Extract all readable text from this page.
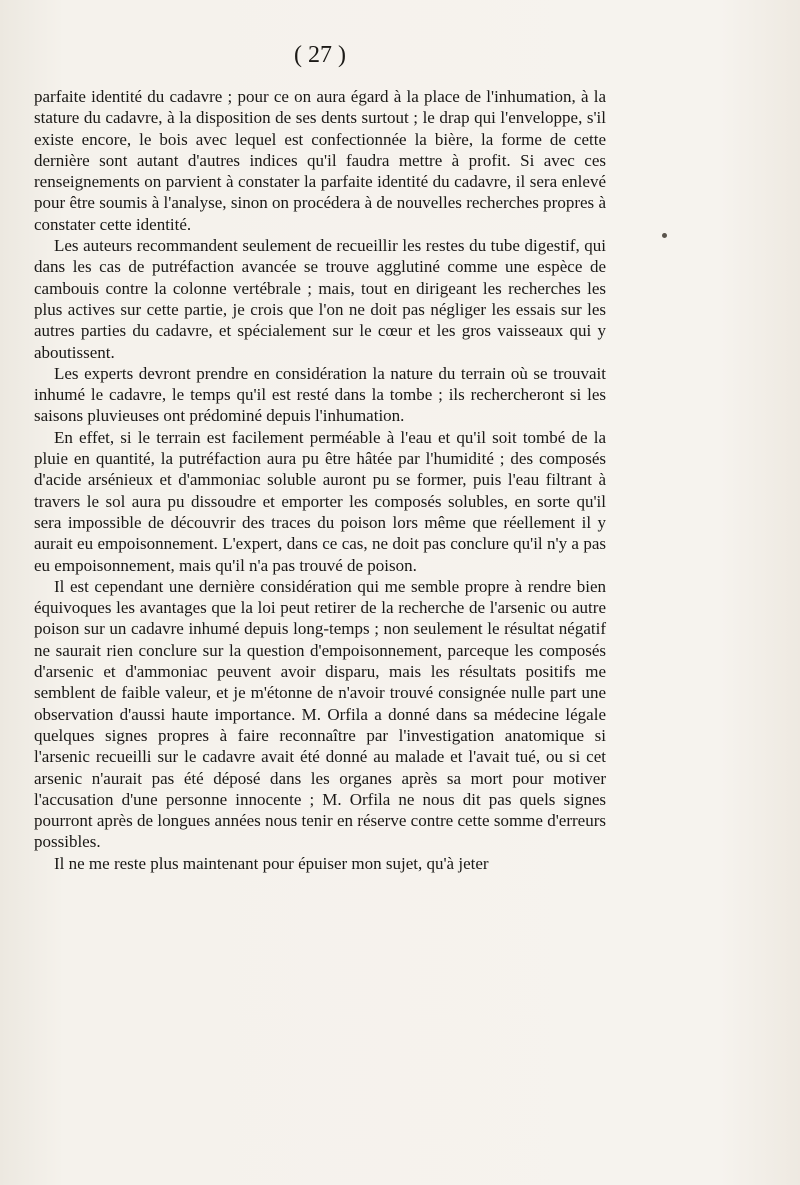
( 27 )

parfaite identité du cadavre ; pour ce on aura égard à la place de l'inhumation, à la stature du cadavre, à la disposition de ses dents surtout ; le drap qui l'enveloppe, s'il existe encore, le bois avec lequel est confectionnée la bière, la forme de cette dernière sont autant d'autres indices qu'il faudra mettre à profit. Si avec ces renseignements on parvient à constater la parfaite identité du cadavre, il sera enlevé pour être soumis à l'analyse, sinon on procédera à de nouvelles recherches propres à constater cette identité.

Les auteurs recommandent seulement de recueillir les restes du tube digestif, qui dans les cas de putréfaction avancée se trouve agglutiné comme une espèce de cambouis contre la colonne vertébrale ; mais, tout en dirigeant les recherches les plus actives sur cette partie, je crois que l'on ne doit pas négliger les essais sur les autres parties du cadavre, et spécialement sur le cœur et les gros vaisseaux qui y aboutissent.

Les experts devront prendre en considération la nature du terrain où se trouvait inhumé le cadavre, le temps qu'il est resté dans la tombe ; ils rechercheront si les saisons pluvieuses ont prédominé depuis l'inhumation.

En effet, si le terrain est facilement perméable à l'eau et qu'il soit tombé de la pluie en quantité, la putréfaction aura pu être hâtée par l'humidité ; des composés d'acide arsénieux et d'ammoniac soluble auront pu se former, puis l'eau filtrant à travers le sol aura pu dissoudre et emporter les composés solubles, en sorte qu'il sera impossible de découvrir des traces du poison lors même que réellement il y aurait eu empoisonnement. L'expert, dans ce cas, ne doit pas conclure qu'il n'y a pas eu empoisonnement, mais qu'il n'a pas trouvé de poison.

Il est cependant une dernière considération qui me semble propre à rendre bien équivoques les avantages que la loi peut retirer de la recherche de l'arsenic ou autre poison sur un cadavre inhumé depuis long-temps ; non seulement le résultat négatif ne saurait rien conclure sur la question d'empoisonnement, parceque les composés d'arsenic et d'ammoniac peuvent avoir disparu, mais les résultats positifs me semblent de faible valeur, et je m'étonne de n'avoir trouvé consignée nulle part une observation d'aussi haute importance. M. Orfila a donné dans sa médecine légale quelques signes propres à faire reconnaître par l'investigation anatomique si l'arsenic recueilli sur le cadavre avait été donné au malade et l'avait tué, ou si cet arsenic n'aurait pas été déposé dans les organes après sa mort pour motiver l'accusation d'une personne innocente ; M. Orfila ne nous dit pas quels signes pourront après de longues années nous tenir en réserve contre cette somme d'erreurs possibles.

Il ne me reste plus maintenant pour épuiser mon sujet, qu'à jeter
